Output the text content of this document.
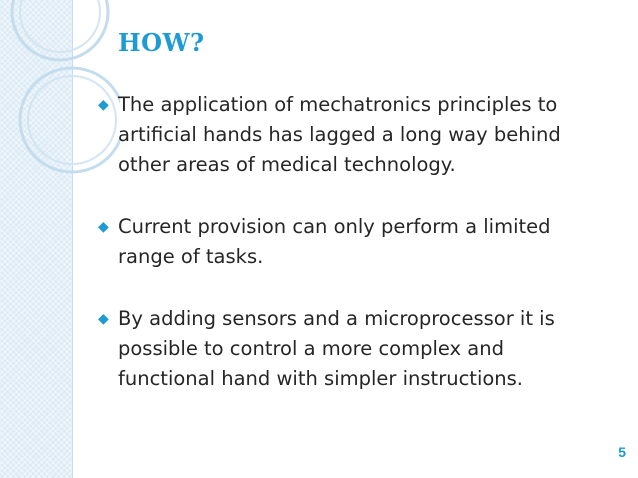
HOW?
◆ The application of mechatronics principles to artificial hands has lagged a long way behind other areas of medical technology.
◆ Current provision can only perform a limited range of tasks.
◆ By adding sensors and a microprocessor it is possible to control a more complex and functional hand with simpler instructions.
5
